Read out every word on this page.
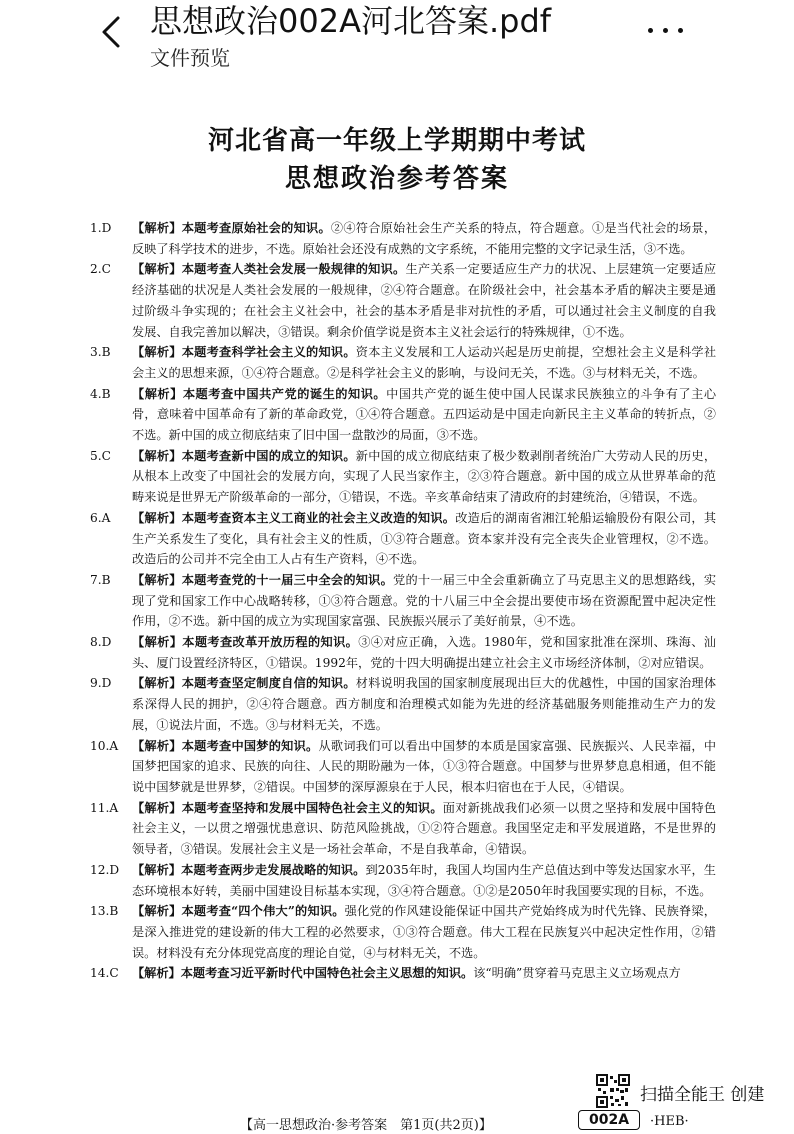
思想政治002A河北答案.pdf
文件预览
河北省高一年级上学期期中考试
思想政治参考答案
1.D	【解析】本题考查原始社会的知识。②④符合原始社会生产关系的特点，符合题意。①是当代社会的场景，反映了科学技术的进步，不选。原始社会还没有成熟的文字系统，不能用完整的文字记录生活，③不选。
2.C	【解析】本题考查人类社会发展一般规律的知识。生产关系一定要适应生产力的状况、上层建筑一定要适应经济基础的状况是人类社会发展的一般规律，②④符合题意。在阶级社会中，社会基本矛盾的解决主要是通过阶级斗争实现的；在社会主义社会中，社会的基本矛盾是非对抗性的矛盾，可以通过社会主义制度的自我发展、自我完善加以解决，③错误。剩余价值学说是资本主义社会运行的特殊规律，①不选。
3.B	【解析】本题考查科学社会主义的知识。资本主义发展和工人运动兴起是历史前提，空想社会主义是科学社会主义的思想来源，①④符合题意。②是科学社会主义的影响，与设问无关，不选。③与材料无关，不选。
4.B	【解析】本题考查中国共产党的诞生的知识。中国共产党的诞生使中国人民谋求民族独立的斗争有了主心骨，意味着中国革命有了新的革命政党，①④符合题意。五四运动是中国走向新民主主义革命的转折点，②不选。新中国的成立彻底结束了旧中国一盘散沙的局面，③不选。
5.C	【解析】本题考查新中国的成立的知识。新中国的成立彻底结束了极少数剥削者统治广大劳动人民的历史，从根本上改变了中国社会的发展方向，实现了人民当家作主，②③符合题意。新中国的成立从世界革命的范畴来说是世界无产阶级革命的一部分，①错误，不选。辛亥革命结束了清政府的封建统治，④错误，不选。
6.A	【解析】本题考查资本主义工商业的社会主义改造的知识。改造后的湖南省湘江轮船运输股份有限公司，其生产关系发生了变化，具有社会主义的性质，①③符合题意。资本家并没有完全丧失企业管理权，②不选。改造后的公司并不完全由工人占有生产资料，④不选。
7.B	【解析】本题考查党的十一届三中全会的知识。党的十一届三中全会重新确立了马克思主义的思想路线，实现了党和国家工作中心战略转移，①③符合题意。党的十八届三中全会提出要使市场在资源配置中起决定性作用，②不选。新中国的成立为实现国家富强、民族振兴展示了美好前景，④不选。
8.D	【解析】本题考查改革开放历程的知识。③④对应正确，入选。1980年，党和国家批准在深圳、珠海、汕头、厦门设置经济特区，①错误。1992年，党的十四大明确提出建立社会主义市场经济体制，②对应错误。
9.D	【解析】本题考查坚定制度自信的知识。材料说明我国的国家制度展现出巨大的优越性，中国的国家治理体系深得人民的拥护，②④符合题意。西方制度和治理模式如能为先进的经济基础服务则能推动生产力的发展，①说法片面，不选。③与材料无关，不选。
10.A	【解析】本题考查中国梦的知识。从歌词我们可以看出中国梦的本质是国家富强、民族振兴、人民幸福，中国梦把国家的追求、民族的向往、人民的期盼融为一体，①③符合题意。中国梦与世界梦息息相通，但不能说中国梦就是世界梦，②错误。中国梦的深厚源泉在于人民，根本归宿也在于人民，④错误。
11.A	【解析】本题考查坚持和发展中国特色社会主义的知识。面对新挑战我们必须一以贯之坚持和发展中国特色社会主义，一以贯之增强忧患意识、防范风险挑战，①②符合题意。我国坚定走和平发展道路，不是世界的领导者，③错误。发展社会主义是一场社会革命，不是自我革命，④错误。
12.D	【解析】本题考查两步走发展战略的知识。到2035年时，我国人均国内生产总值达到中等发达国家水平，生态环境根本好转，美丽中国建设目标基本实现，③④符合题意。①②是2050年时我国要实现的目标，不选。
13.B	【解析】本题考查“四个伟大”的知识。强化党的作风建设能保证中国共产党始终成为时代先锋、民族脊梁，是深入推进党的建设新的伟大工程的必然要求，①③符合题意。伟大工程在民族复兴中起决定性作用，②错误。材料没有充分体现党高度的理论自觉，④与材料无关，不选。
14.C	【解析】本题考查习近平新时代中国特色社会主义思想的知识。该“明确”贯穿着马克思主义立场观点方
【高一思想政治·参考答案　第1页(共2页)】	002A	·HEB·
扫描全能王 创建
